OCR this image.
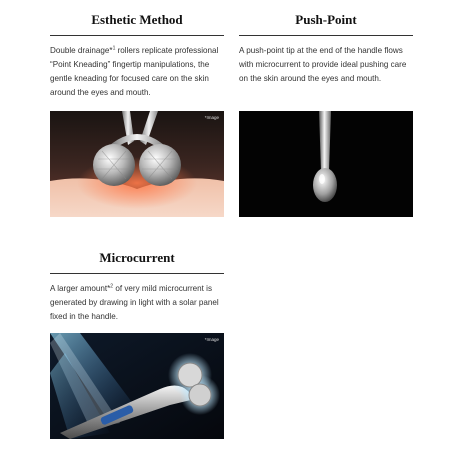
Esthetic Method

Double drainage*$^1$ rollers replicate professional “Point Kneading” fingertip manipulations, the gentle kneading for focused care on the skin around the eyes and mouth.

*Image
Push-Point

A push-point tip at the end of the handle flows with microcurrent to provide ideal pushing care on the skin around the eyes and mouth.

Microcurrent

A larger amount*$^2$ of very mild microcurrent is generated by drawing in light with a solar panel fixed in the handle.

*Image
